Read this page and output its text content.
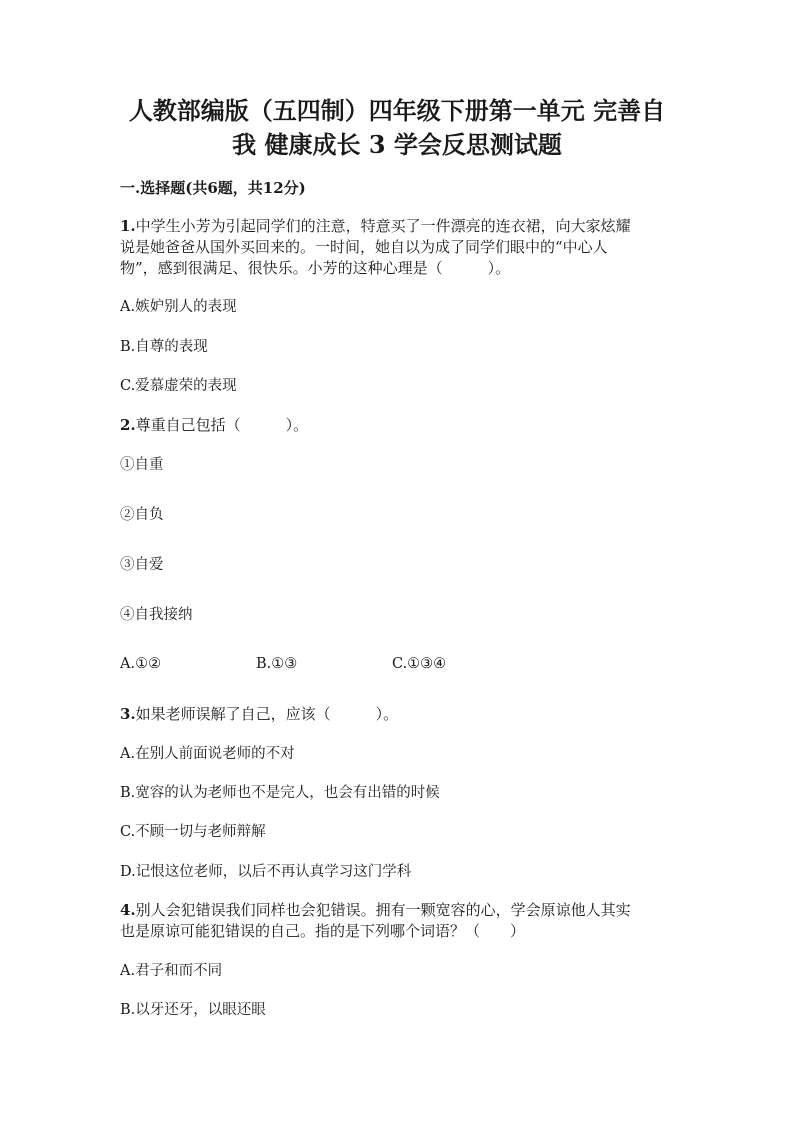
人教部编版（五四制）四年级下册第一单元 完善自
我 健康成长 3 学会反思测试题
一.选择题(共6题，共12分)
1.中学生小芳为引起同学们的注意，特意买了一件漂亮的连衣裙，向大家炫耀
说是她爸爸从国外买回来的。一时间，她自以为成了同学们眼中的“中心人
物”，感到很满足、很快乐。小芳的这种心理是（　　　）。
A.嫉妒别人的表现
B.自尊的表现
C.爱慕虚荣的表现
2.尊重自己包括（　　　）。
①自重
②自负
③自爱
④自我接纳
A.①②	B.①③	C.①③④
3.如果老师误解了自己，应该（　　　）。
A.在别人前面说老师的不对
B.宽容的认为老师也不是完人，也会有出错的时候
C.不顾一切与老师辩解
D.记恨这位老师，以后不再认真学习这门学科
4.别人会犯错误我们同样也会犯错误。拥有一颗宽容的心，学会原谅他人其实
也是原谅可能犯错误的自己。指的是下列哪个词语？（　　）
A.君子和而不同
B.以牙还牙，以眼还眼
